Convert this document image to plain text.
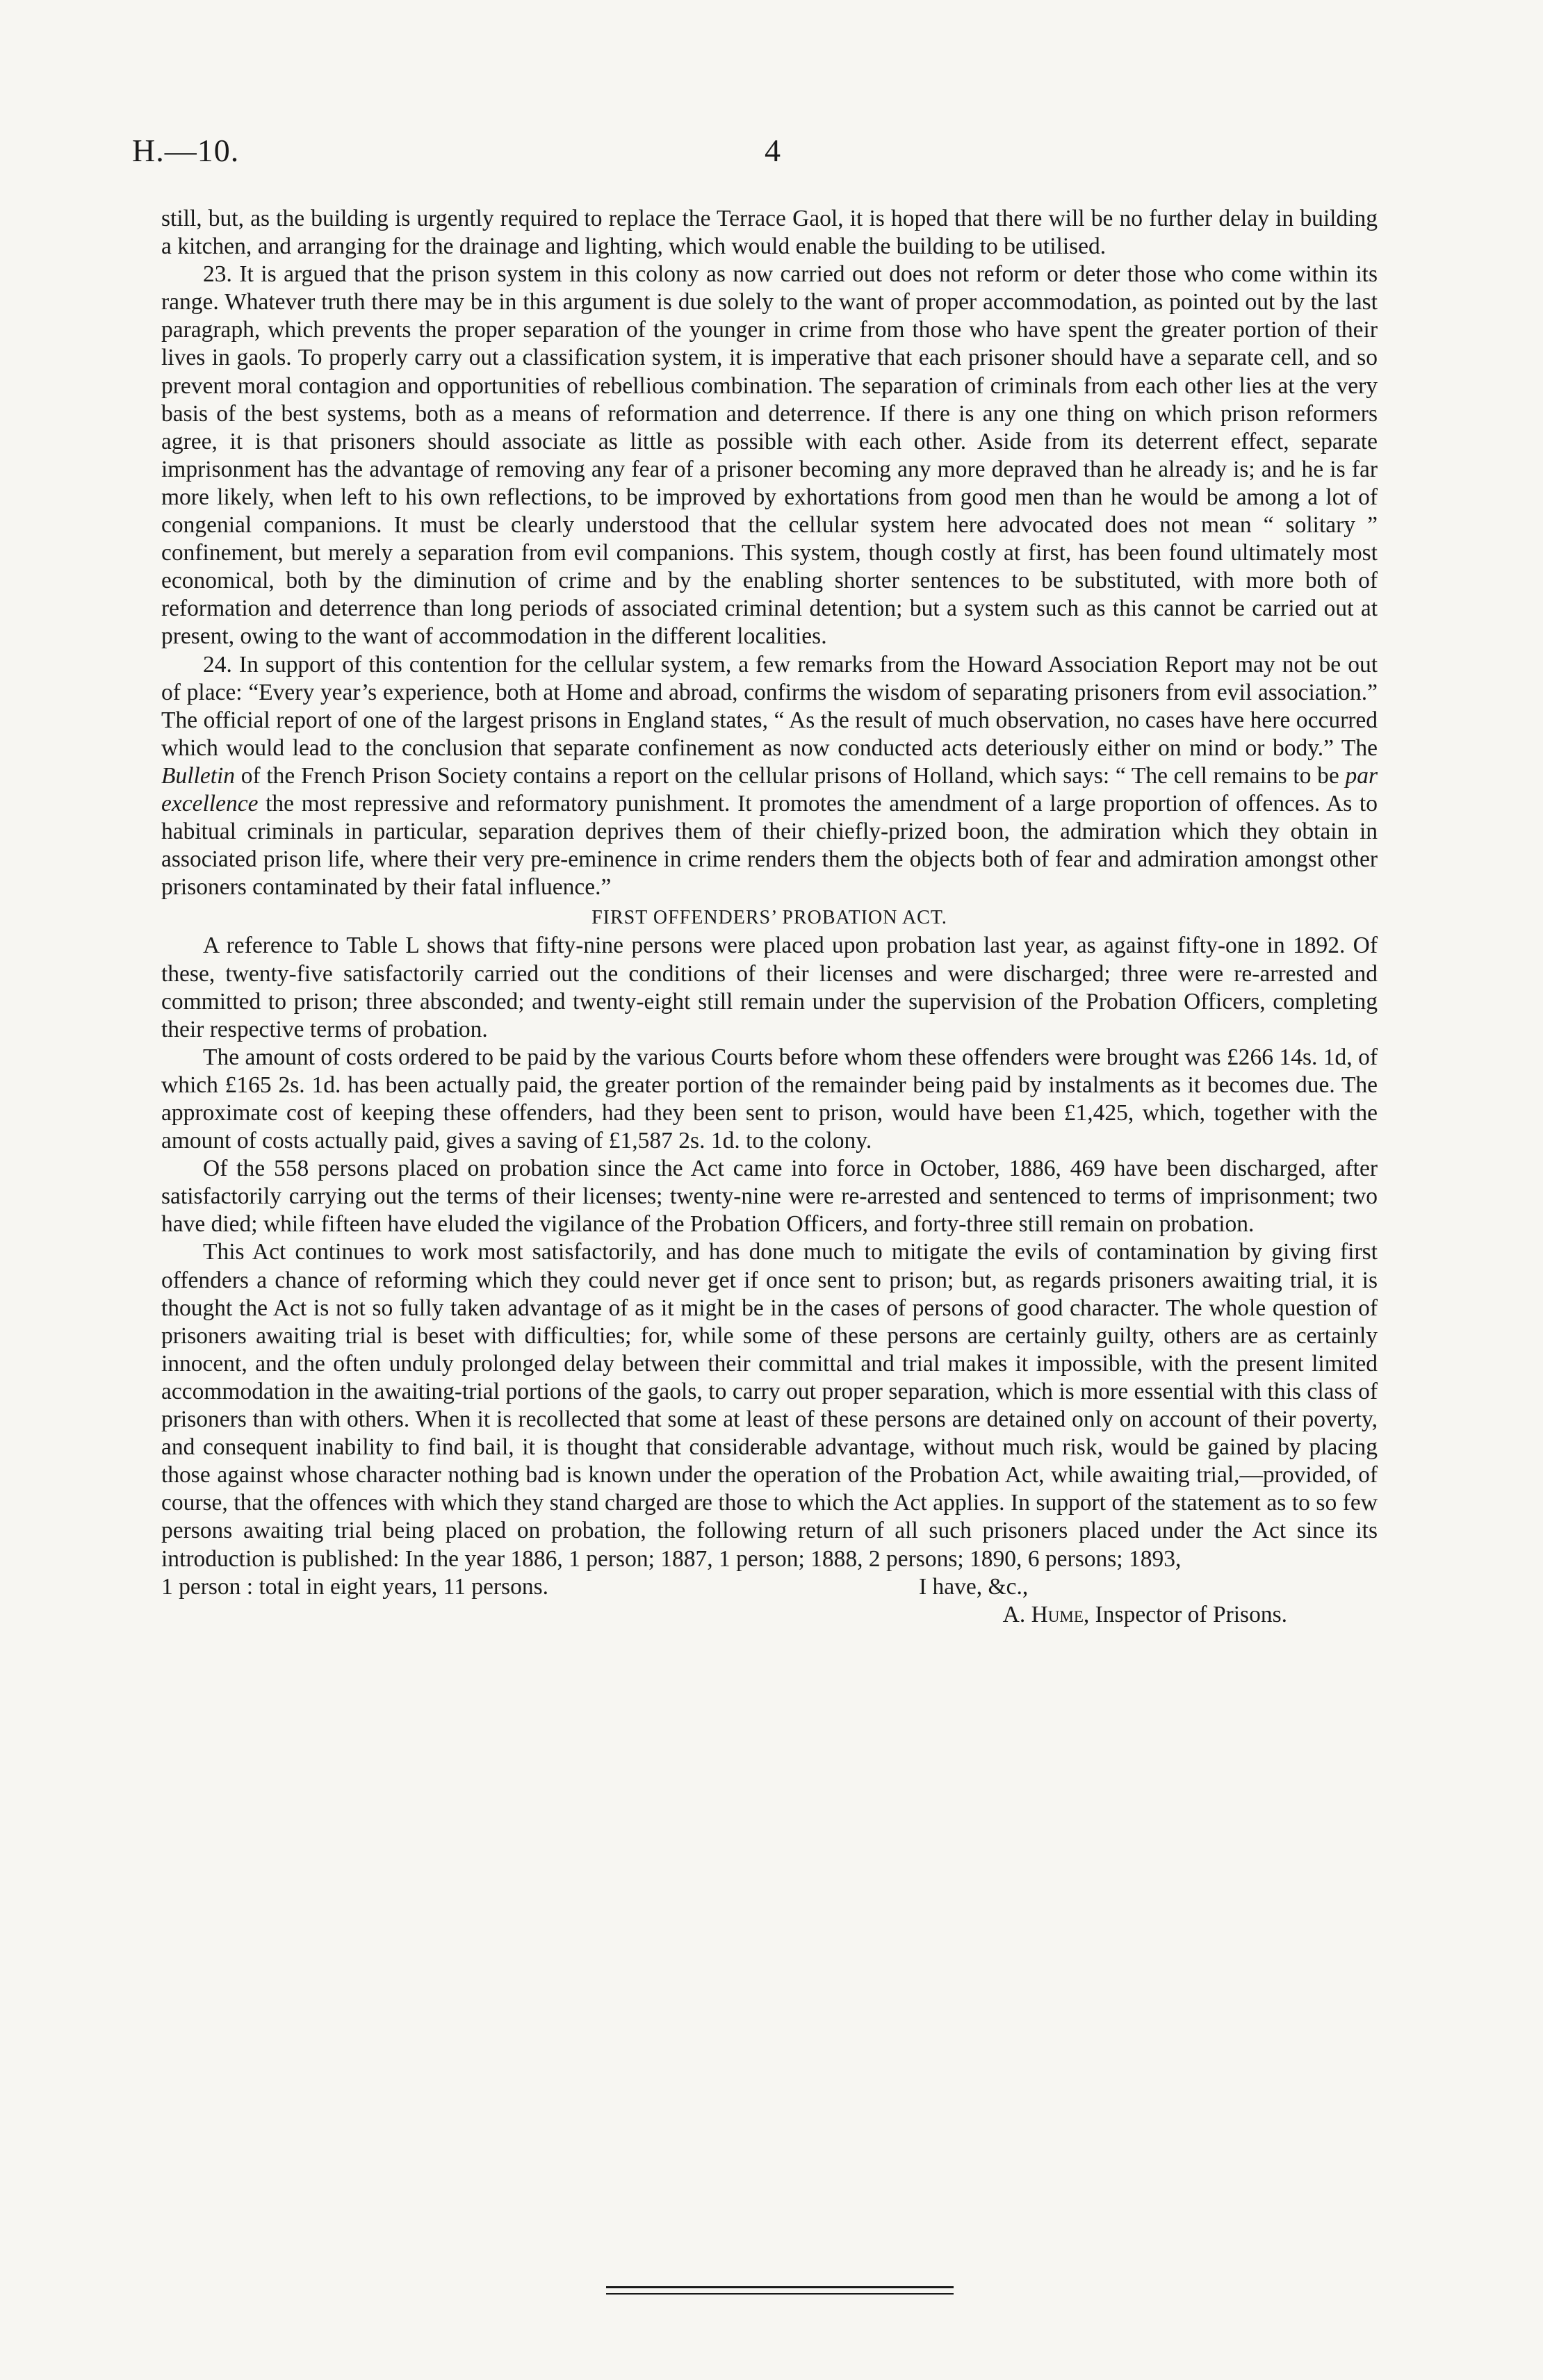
H.—10.	4

still, but, as the building is urgently required to replace the Terrace Gaol, it is hoped that there will be no further delay in building a kitchen, and arranging for the drainage and lighting, which would enable the building to be utilised.

23. It is argued that the prison system in this colony as now carried out does not reform or deter those who come within its range. Whatever truth there may be in this argument is due solely to the want of proper accommodation, as pointed out by the last paragraph, which prevents the proper separation of the younger in crime from those who have spent the greater portion of their lives in gaols. To properly carry out a classification system, it is imperative that each prisoner should have a separate cell, and so prevent moral contagion and opportunities of rebellious combination. The separation of criminals from each other lies at the very basis of the best systems, both as a means of reformation and deterrence. If there is any one thing on which prison reformers agree, it is that prisoners should associate as little as possible with each other. Aside from its deterrent effect, separate imprisonment has the advantage of removing any fear of a prisoner becoming any more depraved than he already is; and he is far more likely, when left to his own reflections, to be improved by exhortations from good men than he would be among a lot of congenial companions. It must be clearly understood that the cellular system here advocated does not mean “ solitary ” confinement, but merely a separation from evil companions. This system, though costly at first, has been found ultimately most economical, both by the diminution of crime and by the enabling shorter sentences to be substituted, with more both of reformation and deterrence than long periods of associated criminal detention; but a system such as this cannot be carried out at present, owing to the want of accommodation in the different localities.

24. In support of this contention for the cellular system, a few remarks from the Howard Association Report may not be out of place: “Every year’s experience, both at Home and abroad, confirms the wisdom of separating prisoners from evil association.” The official report of one of the largest prisons in England states, “ As the result of much observation, no cases have here occurred which would lead to the conclusion that separate confinement as now conducted acts deteriously either on mind or body.” The Bulletin of the French Prison Society contains a report on the cellular prisons of Holland, which says: “ The cell remains to be par excellence the most repressive and reformatory punishment. It promotes the amendment of a large proportion of offences. As to habitual criminals in particular, separation deprives them of their chiefly-prized boon, the admiration which they obtain in associated prison life, where their very pre-eminence in crime renders them the objects both of fear and admiration amongst other prisoners contaminated by their fatal influence.”

FIRST OFFENDERS’ PROBATION ACT.

A reference to Table L shows that fifty-nine persons were placed upon probation last year, as against fifty-one in 1892. Of these, twenty-five satisfactorily carried out the conditions of their licenses and were discharged; three were re-arrested and committed to prison; three absconded; and twenty-eight still remain under the supervision of the Probation Officers, completing their respective terms of probation.

The amount of costs ordered to be paid by the various Courts before whom these offenders were brought was £266 14s. 1d, of which £165 2s. 1d. has been actually paid, the greater portion of the remainder being paid by instalments as it becomes due. The approximate cost of keeping these offenders, had they been sent to prison, would have been £1,425, which, together with the amount of costs actually paid, gives a saving of £1,587 2s. 1d. to the colony.

Of the 558 persons placed on probation since the Act came into force in October, 1886, 469 have been discharged, after satisfactorily carrying out the terms of their licenses; twenty-nine were re-arrested and sentenced to terms of imprisonment; two have died; while fifteen have eluded the vigilance of the Probation Officers, and forty-three still remain on probation.

This Act continues to work most satisfactorily, and has done much to mitigate the evils of contamination by giving first offenders a chance of reforming which they could never get if once sent to prison; but, as regards prisoners awaiting trial, it is thought the Act is not so fully taken advantage of as it might be in the cases of persons of good character. The whole question of prisoners awaiting trial is beset with difficulties; for, while some of these persons are certainly guilty, others are as certainly innocent, and the often unduly prolonged delay between their committal and trial makes it impossible, with the present limited accommodation in the awaiting-trial portions of the gaols, to carry out proper separation, which is more essential with this class of prisoners than with others. When it is recollected that some at least of these persons are detained only on account of their poverty, and consequent inability to find bail, it is thought that considerable advantage, without much risk, would be gained by placing those against whose character nothing bad is known under the operation of the Probation Act, while awaiting trial,—provided, of course, that the offences with which they stand charged are those to which the Act applies. In support of the statement as to so few persons awaiting trial being placed on probation, the following return of all such prisoners placed under the Act since its introduction is published: In the year 1886, 1 person; 1887, 1 person; 1888, 2 persons; 1890, 6 persons; 1893,

1 person : total in eight years, 11 persons.	I have, &c.,

A. Hume, Inspector of Prisons.
